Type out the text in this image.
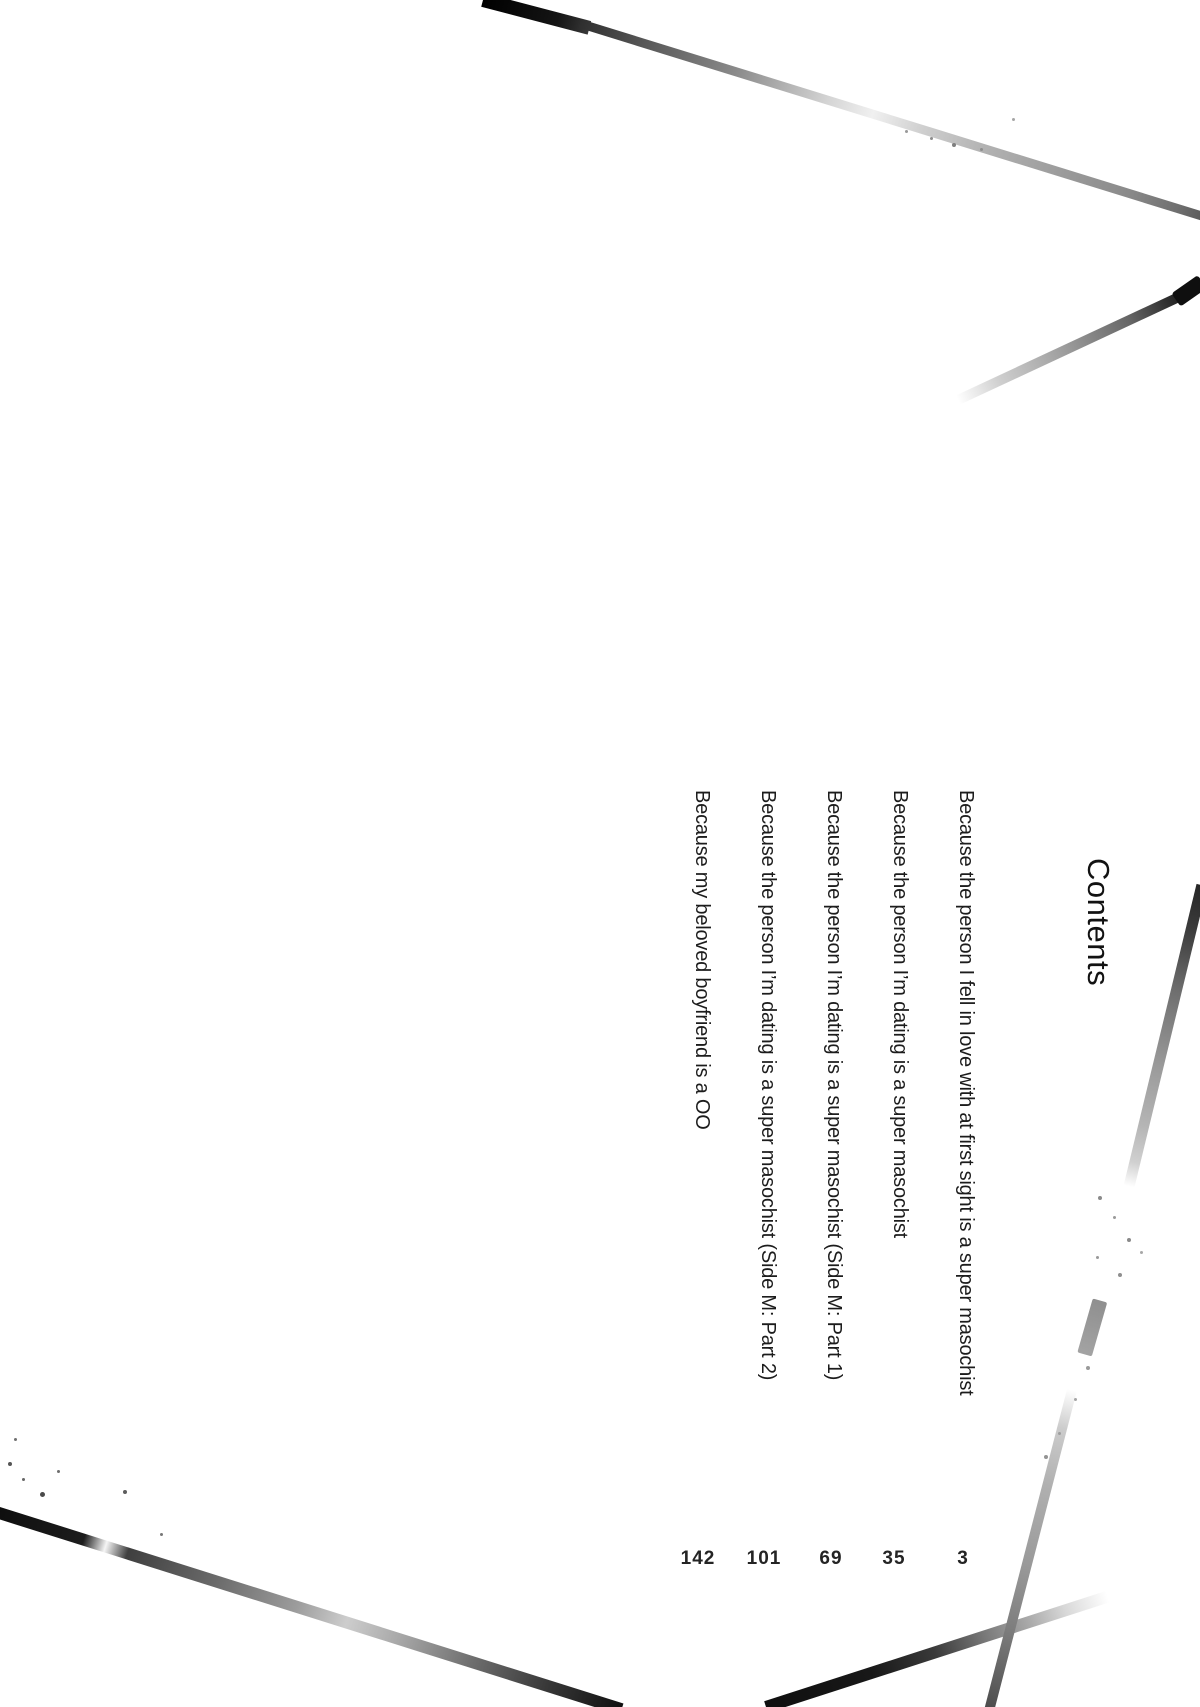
Contents
Because the person I fell in love with at first sight is a super masochist
Because the person I’m dating is a super masochist
Because the person I’m dating is a super masochist (Side M: Part 1)
Because the person I’m dating is a super masochist (Side M: Part 2)
Because my beloved boyfriend is a OO
3
35
69
101
142
